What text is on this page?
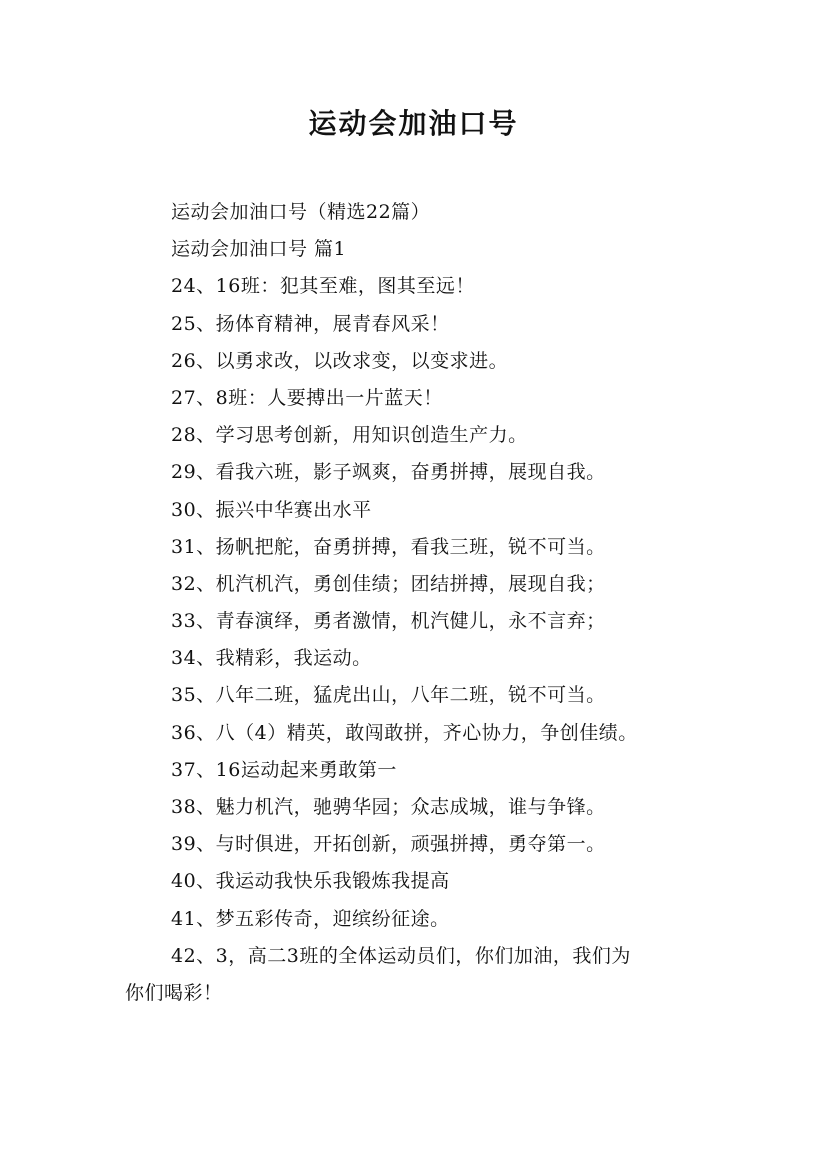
运动会加油口号
运动会加油口号（精选22篇）
运动会加油口号 篇1
24、16班：犯其至难，图其至远！
25、扬体育精神，展青春风采！
26、以勇求改，以改求变，以变求进。
27、8班：人要搏出一片蓝天！
28、学习思考创新，用知识创造生产力。
29、看我六班，影子飒爽，奋勇拼搏，展现自我。
30、振兴中华赛出水平
31、扬帆把舵，奋勇拼搏，看我三班，锐不可当。
32、机汽机汽，勇创佳绩；团结拼搏，展现自我；
33、青春演绎，勇者激情，机汽健儿，永不言弃；
34、我精彩，我运动。
35、八年二班，猛虎出山，八年二班，锐不可当。
36、八（4）精英，敢闯敢拼，齐心协力，争创佳绩。
37、16运动起来勇敢第一
38、魅力机汽，驰骋华园；众志成城，谁与争锋。
39、与时俱进，开拓创新，顽强拼搏，勇夺第一。
40、我运动我快乐我锻炼我提高
41、梦五彩传奇，迎缤纷征途。
42、3，高二3班的全体运动员们，你们加油，我们为
你们喝彩！
